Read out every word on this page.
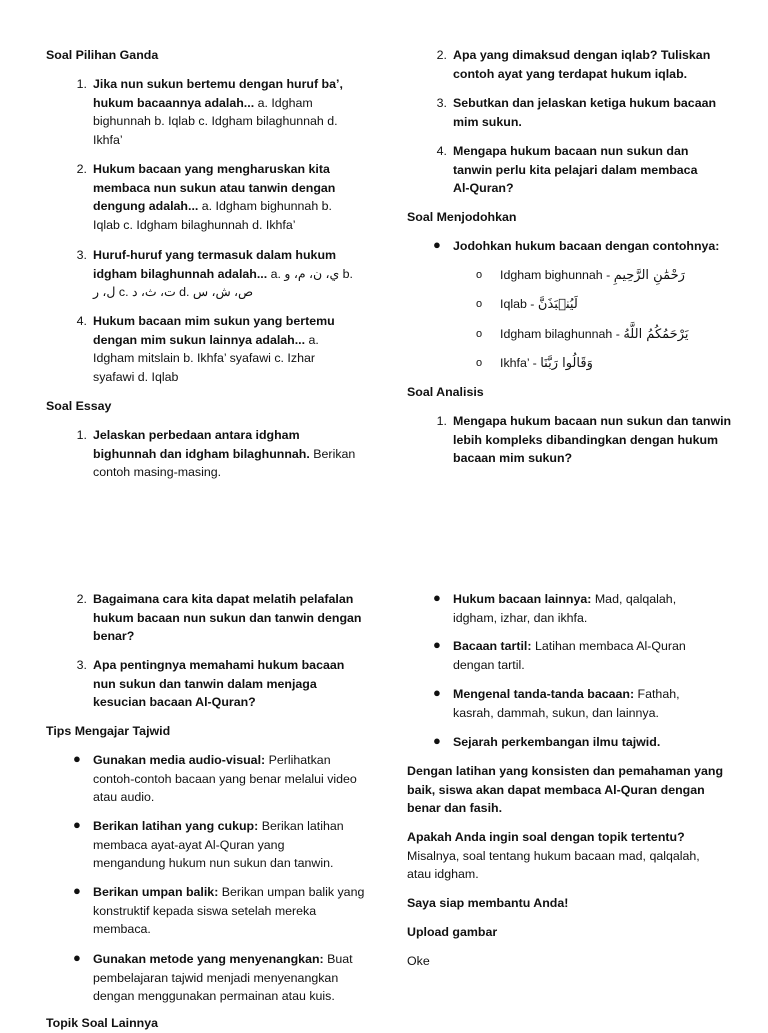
Soal Pilihan Ganda
1. Jika nun sukun bertemu dengan huruf ba’, hukum bacaannya adalah... a. Idgham bighunnah b. Iqlab c. Idgham bilaghunnah d. Ikhfa’
2. Hukum bacaan yang mengharuskan kita membaca nun sukun atau tanwin dengan dengung adalah... a. Idgham bighunnah b. Iqlab c. Idgham bilaghunnah d. Ikhfa’
3. Huruf-huruf yang termasuk dalam hukum idgham bilaghunnah adalah... a. ي، ن، م، و b. ل، ر c. ت، ث، د d. ص، ش، س
4. Hukum bacaan mim sukun yang bertemu dengan mim sukun lainnya adalah... a. Idgham mitslain b. Ikhfa’ syafawi c. Izhar syafawi d. Iqlab
Soal Essay
1. Jelaskan perbedaan antara idgham bighunnah dan idgham bilaghunnah. Berikan contoh masing-masing.
2. Apa yang dimaksud dengan iqlab? Tuliskan contoh ayat yang terdapat hukum iqlab.
3. Sebutkan dan jelaskan ketiga hukum bacaan mim sukun.
4. Mengapa hukum bacaan nun sukun dan tanwin perlu kita pelajari dalam membaca Al-Quran?
Soal Menjodohkan
● Jodohkan hukum bacaan dengan contohnya:
o Idgham bighunnah - رَحْمَٰنِ الرَّحِيمِ
o Iqlab - لَيُنۢبَذَنَّ
o Idgham bilaghunnah - يَرْحَمُكُمُ اللَّهُ
o Ikhfa’ - وَقَالُوا رَبَّنَا
Soal Analisis
1. Mengapa hukum bacaan nun sukun dan tanwin lebih kompleks dibandingkan dengan hukum bacaan mim sukun?
2. Bagaimana cara kita dapat melatih pelafalan hukum bacaan nun sukun dan tanwin dengan benar?
3. Apa pentingnya memahami hukum bacaan nun sukun dan tanwin dalam menjaga kesucian bacaan Al-Quran?
Tips Mengajar Tajwid
● Gunakan media audio-visual: Perlihatkan contoh-contoh bacaan yang benar melalui video atau audio.
● Berikan latihan yang cukup: Berikan latihan membaca ayat-ayat Al-Quran yang mengandung hukum nun sukun dan tanwin.
● Berikan umpan balik: Berikan umpan balik yang konstruktif kepada siswa setelah mereka membaca.
● Gunakan metode yang menyenangkan: Buat pembelajaran tajwid menjadi menyenangkan dengan menggunakan permainan atau kuis.
Topik Soal Lainnya
● Hukum bacaan lainnya: Mad, qalqalah, idgham, izhar, dan ikhfa.
● Bacaan tartil: Latihan membaca Al-Quran dengan tartil.
● Mengenal tanda-tanda bacaan: Fathah, kasrah, dammah, sukun, dan lainnya.
● Sejarah perkembangan ilmu tajwid.
Dengan latihan yang konsisten dan pemahaman yang baik, siswa akan dapat membaca Al-Quran dengan benar dan fasih.
Apakah Anda ingin soal dengan topik tertentu? Misalnya, soal tentang hukum bacaan mad, qalqalah, atau idgham.
Saya siap membantu Anda!
Upload gambar
Oke
